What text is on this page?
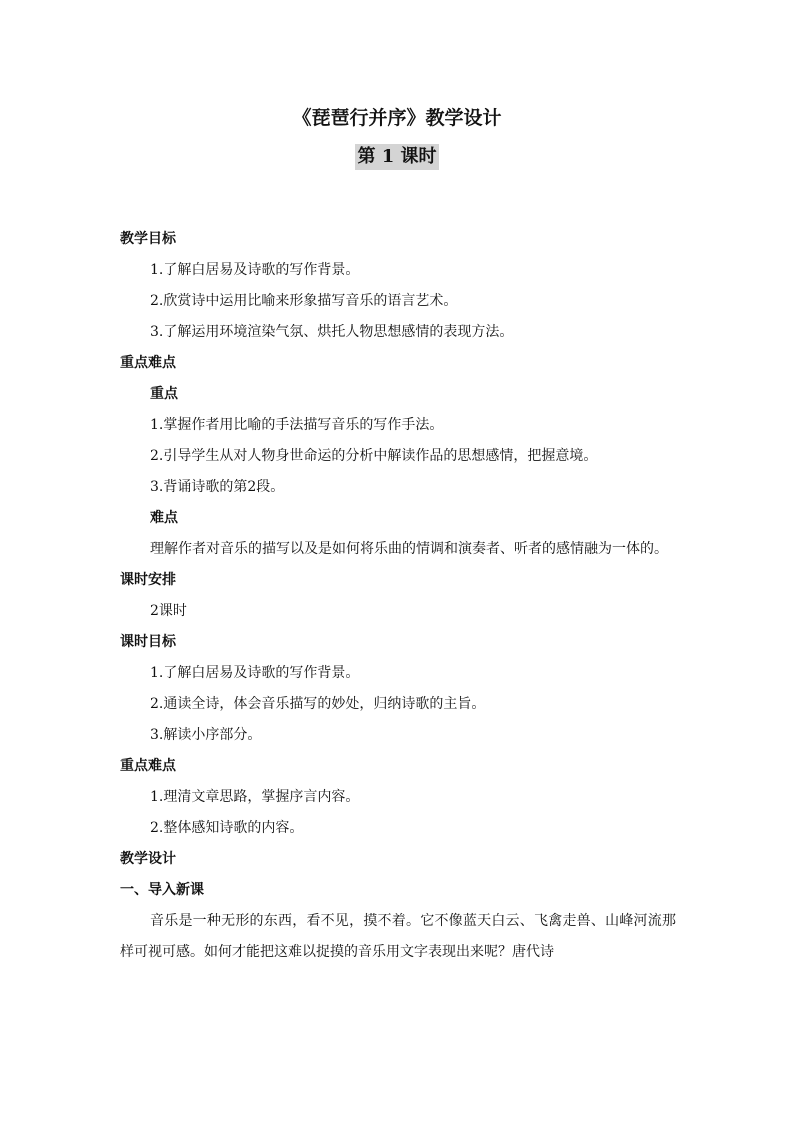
《琵琶行并序》教学设计
第 1 课时
教学目标
1.了解白居易及诗歌的写作背景。
2.欣赏诗中运用比喻来形象描写音乐的语言艺术。
3.了解运用环境渲染气氛、烘托人物思想感情的表现方法。
重点难点
重点
1.掌握作者用比喻的手法描写音乐的写作手法。
2.引导学生从对人物身世命运的分析中解读作品的思想感情，把握意境。
3.背诵诗歌的第2段。
难点
理解作者对音乐的描写以及是如何将乐曲的情调和演奏者、听者的感情融为一体的。
课时安排
2课时
课时目标
1.了解白居易及诗歌的写作背景。
2.通读全诗，体会音乐描写的妙处，归纳诗歌的主旨。
3.解读小序部分。
重点难点
1.理清文章思路，掌握序言内容。
2.整体感知诗歌的内容。
教学设计
一、导入新课
音乐是一种无形的东西，看不见，摸不着。它不像蓝天白云、飞禽走兽、山峰河流那样可视可感。如何才能把这难以捉摸的音乐用文字表现出来呢？唐代诗
